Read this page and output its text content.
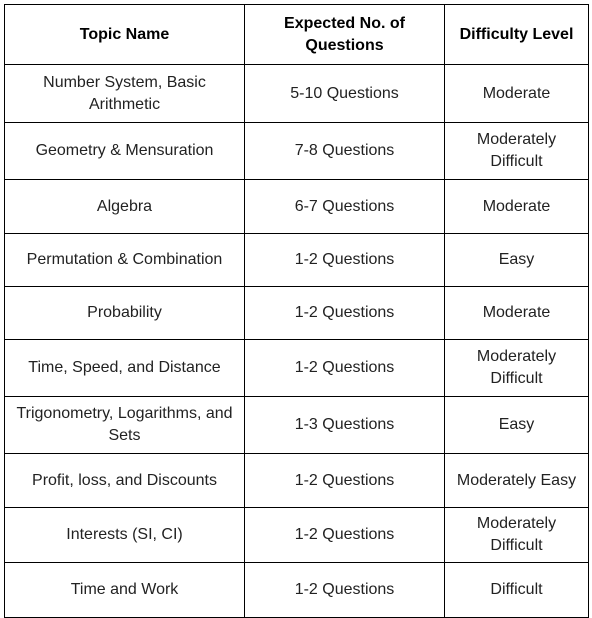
Topic Name	Expected No. of Questions	Difficulty Level
Number System, Basic Arithmetic	5-10 Questions	Moderate
Geometry & Mensuration	7-8 Questions	Moderately Difficult
Algebra	6-7 Questions	Moderate
Permutation & Combination	1-2 Questions	Easy
Probability	1-2 Questions	Moderate
Time, Speed, and Distance	1-2 Questions	Moderately Difficult
Trigonometry, Logarithms, and Sets	1-3 Questions	Easy
Profit, loss, and Discounts	1-2 Questions	Moderately Easy
Interests (SI, CI)	1-2 Questions	Moderately Difficult
Time and Work	1-2 Questions	Difficult
